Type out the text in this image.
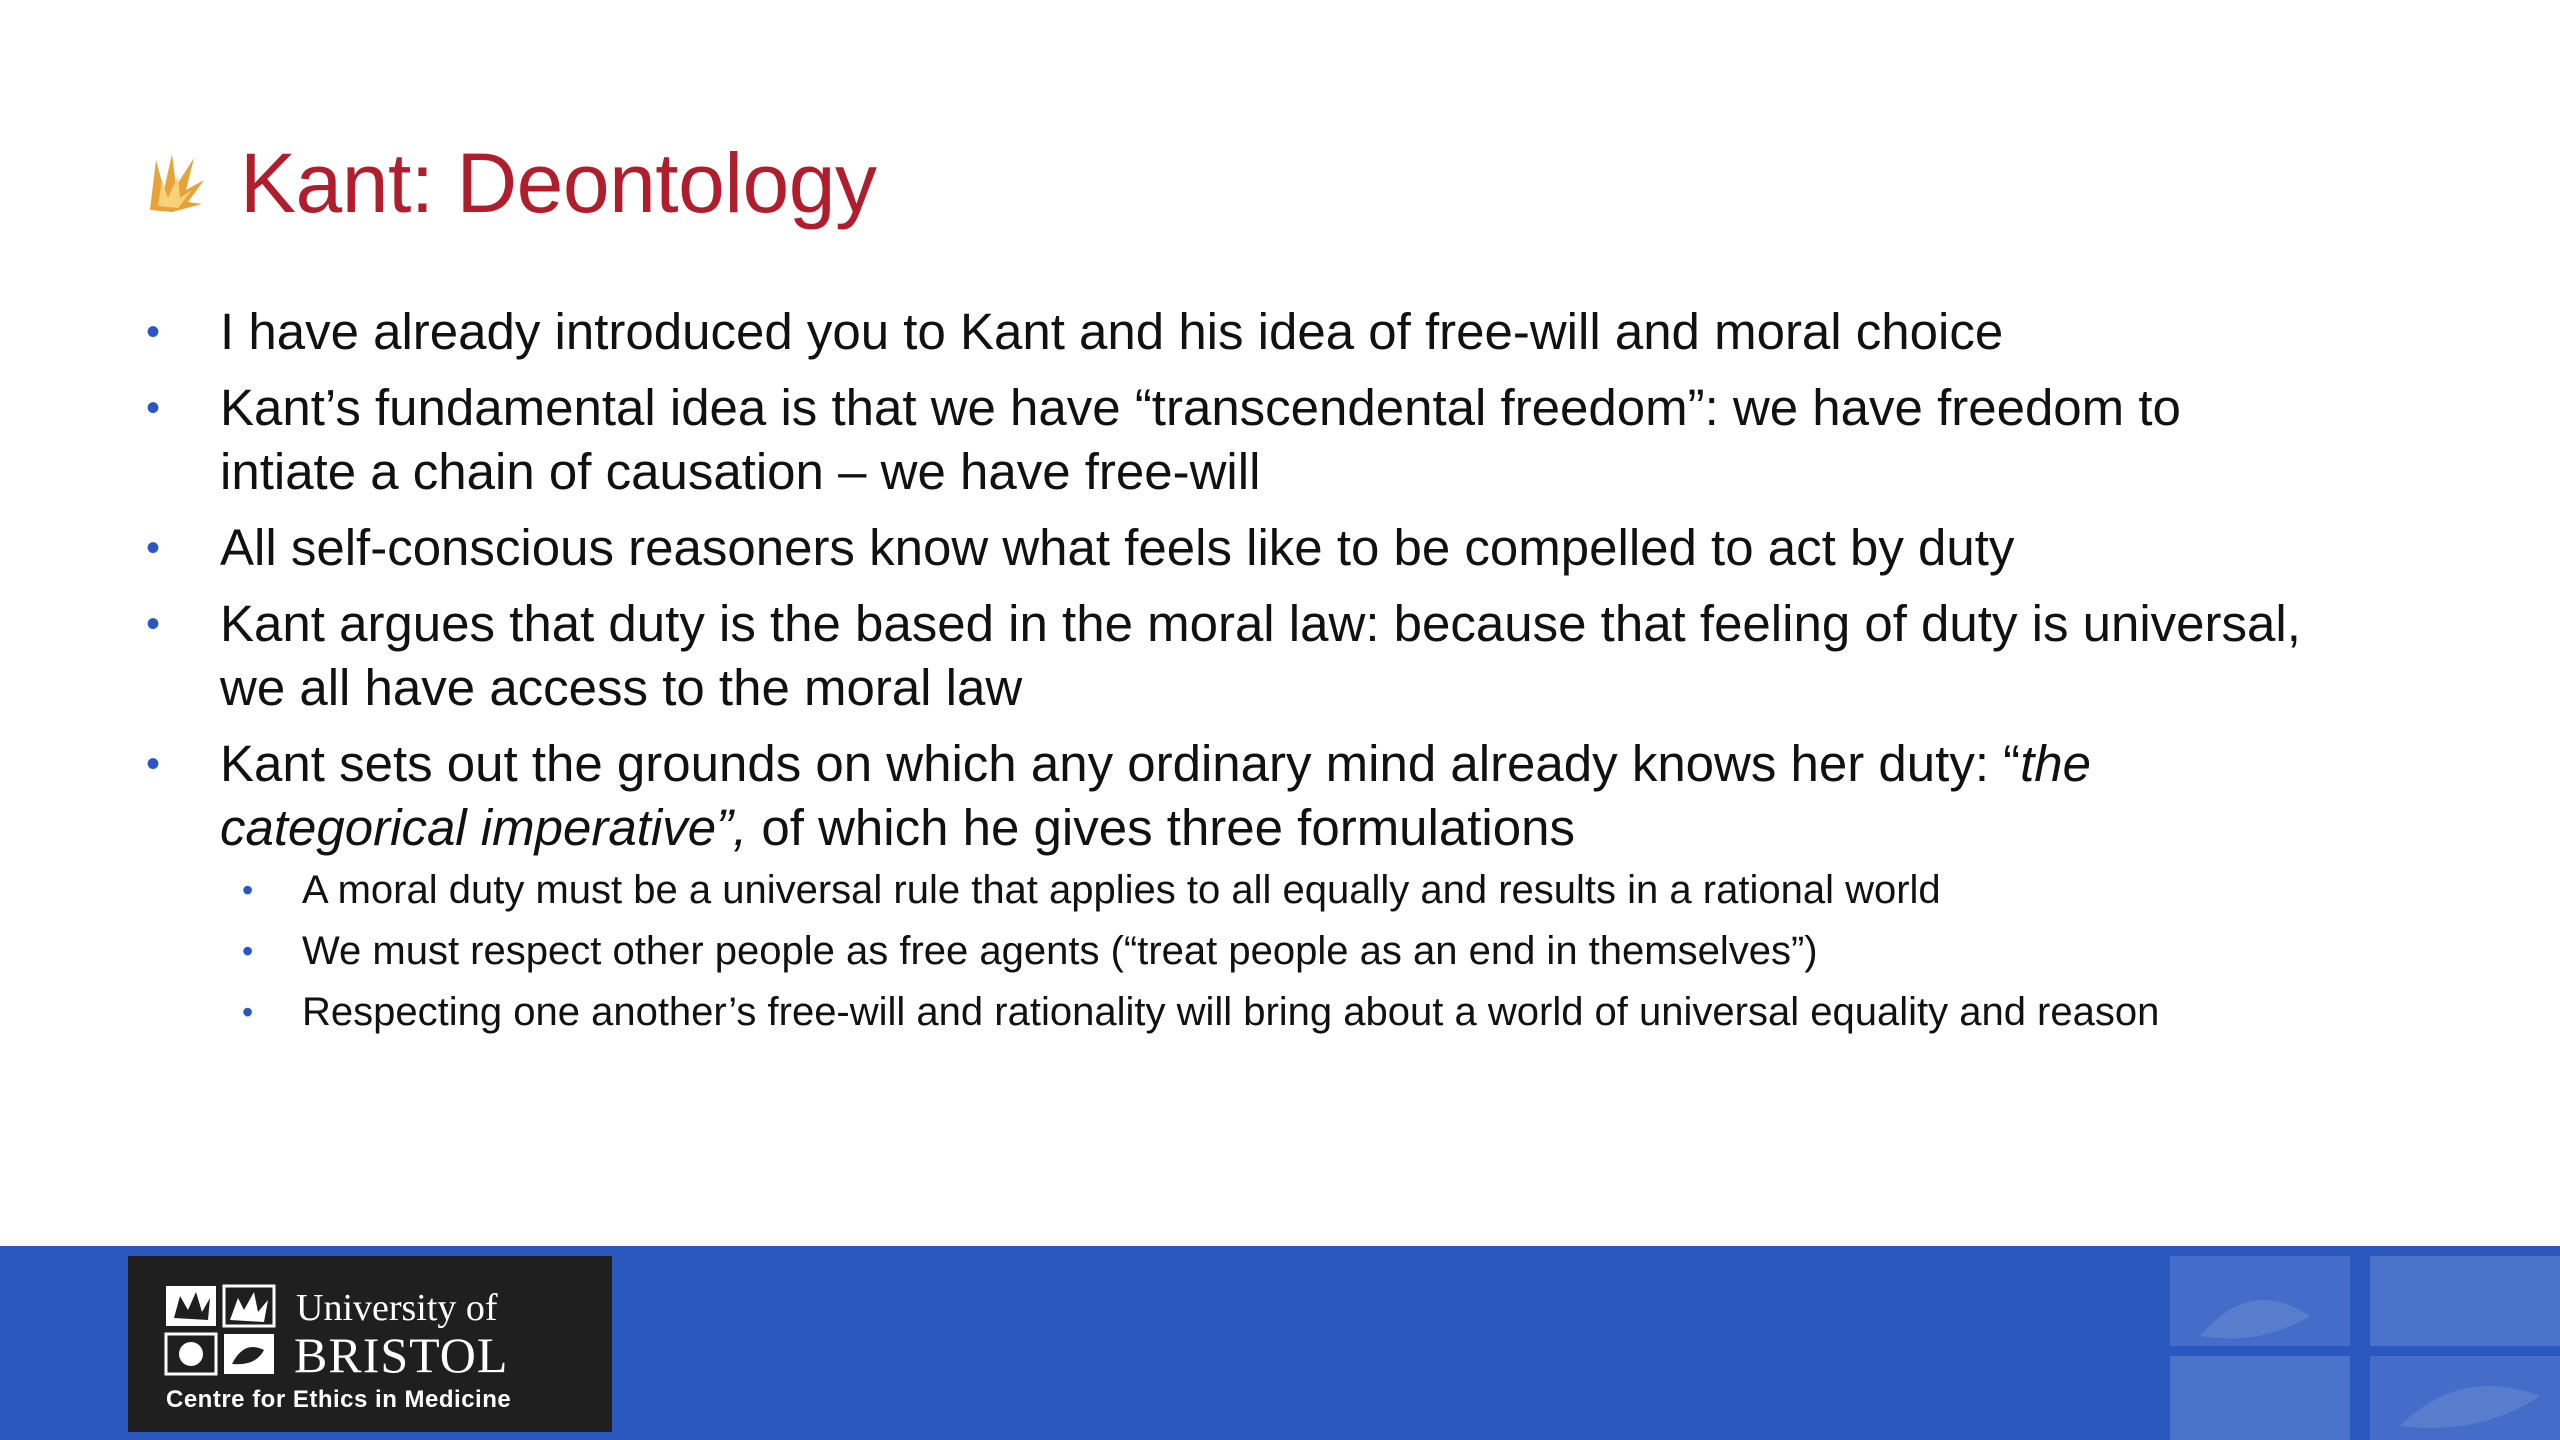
Kant: Deontology
• I have already introduced you to Kant and his idea of free-will and moral choice
• Kant’s fundamental idea is that we have “transcendental freedom”: we have freedom to
intiate a chain of causation – we have free-will
• All self-conscious reasoners know what feels like to be compelled to act by duty
• Kant argues that duty is the based in the moral law: because that feeling of duty is universal,
we all have access to the moral law
• Kant sets out the grounds on which any ordinary mind already knows her duty: “the
categorical imperative”, of which he gives three formulations
• A moral duty must be a universal rule that applies to all equally and results in a rational world
• We must respect other people as free agents (“treat people as an end in themselves”)
• Respecting one another’s free-will and rationality will bring about a world of universal equality and reason
University of
BRISTOL
Centre for Ethics in Medicine
